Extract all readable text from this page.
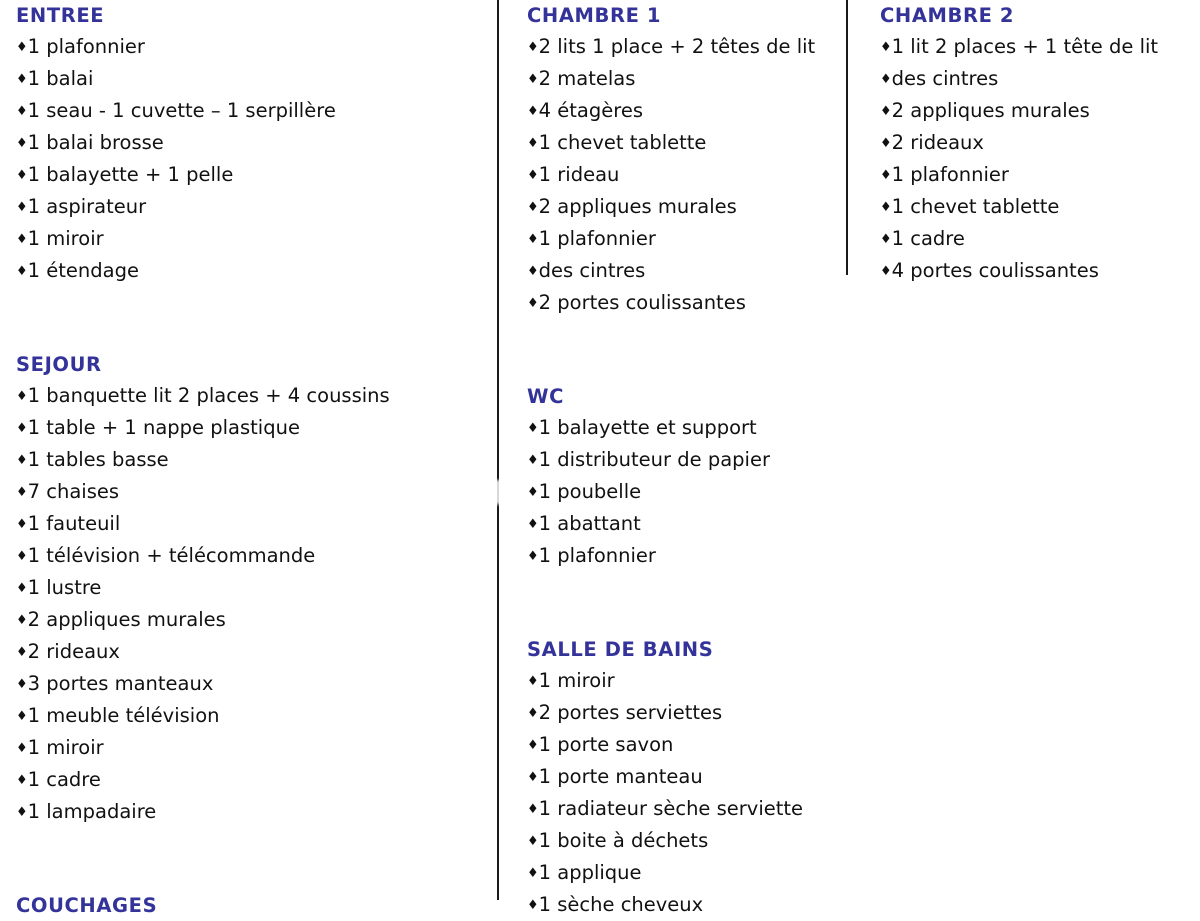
ENTREE
♦1 plafonnier
♦1 balai
♦1 seau - 1 cuvette – 1 serpillère
♦1 balai brosse
♦1 balayette + 1 pelle
♦1 aspirateur
♦1 miroir
♦1 étendage
SEJOUR
♦1 banquette lit 2 places + 4 coussins
♦1 table + 1 nappe plastique
♦1 tables basse
♦7 chaises
♦1 fauteuil
♦1 télévision + télécommande
♦1 lustre
♦2 appliques murales
♦2 rideaux
♦3 portes manteaux
♦1 meuble télévision
♦1 miroir
♦1 cadre
♦1 lampadaire
COUCHAGES
CHAMBRE 1
♦2 lits 1 place + 2 têtes de lit
♦2 matelas
♦4 étagères
♦1 chevet tablette
♦1 rideau
♦2 appliques murales
♦1 plafonnier
♦des cintres
♦2 portes coulissantes
WC
♦1 balayette et support
♦1 distributeur de papier
♦1 poubelle
♦1 abattant
♦1 plafonnier
SALLE DE BAINS
♦1 miroir
♦2 portes serviettes
♦1 porte savon
♦1 porte manteau
♦1 radiateur sèche serviette
♦1 boite à déchets
♦1 applique
♦1 sèche cheveux
CHAMBRE 2
♦1 lit 2 places + 1 tête de lit
♦des cintres
♦2 appliques murales
♦2 rideaux
♦1 plafonnier
♦1 chevet tablette
♦1 cadre
♦4 portes coulissantes
